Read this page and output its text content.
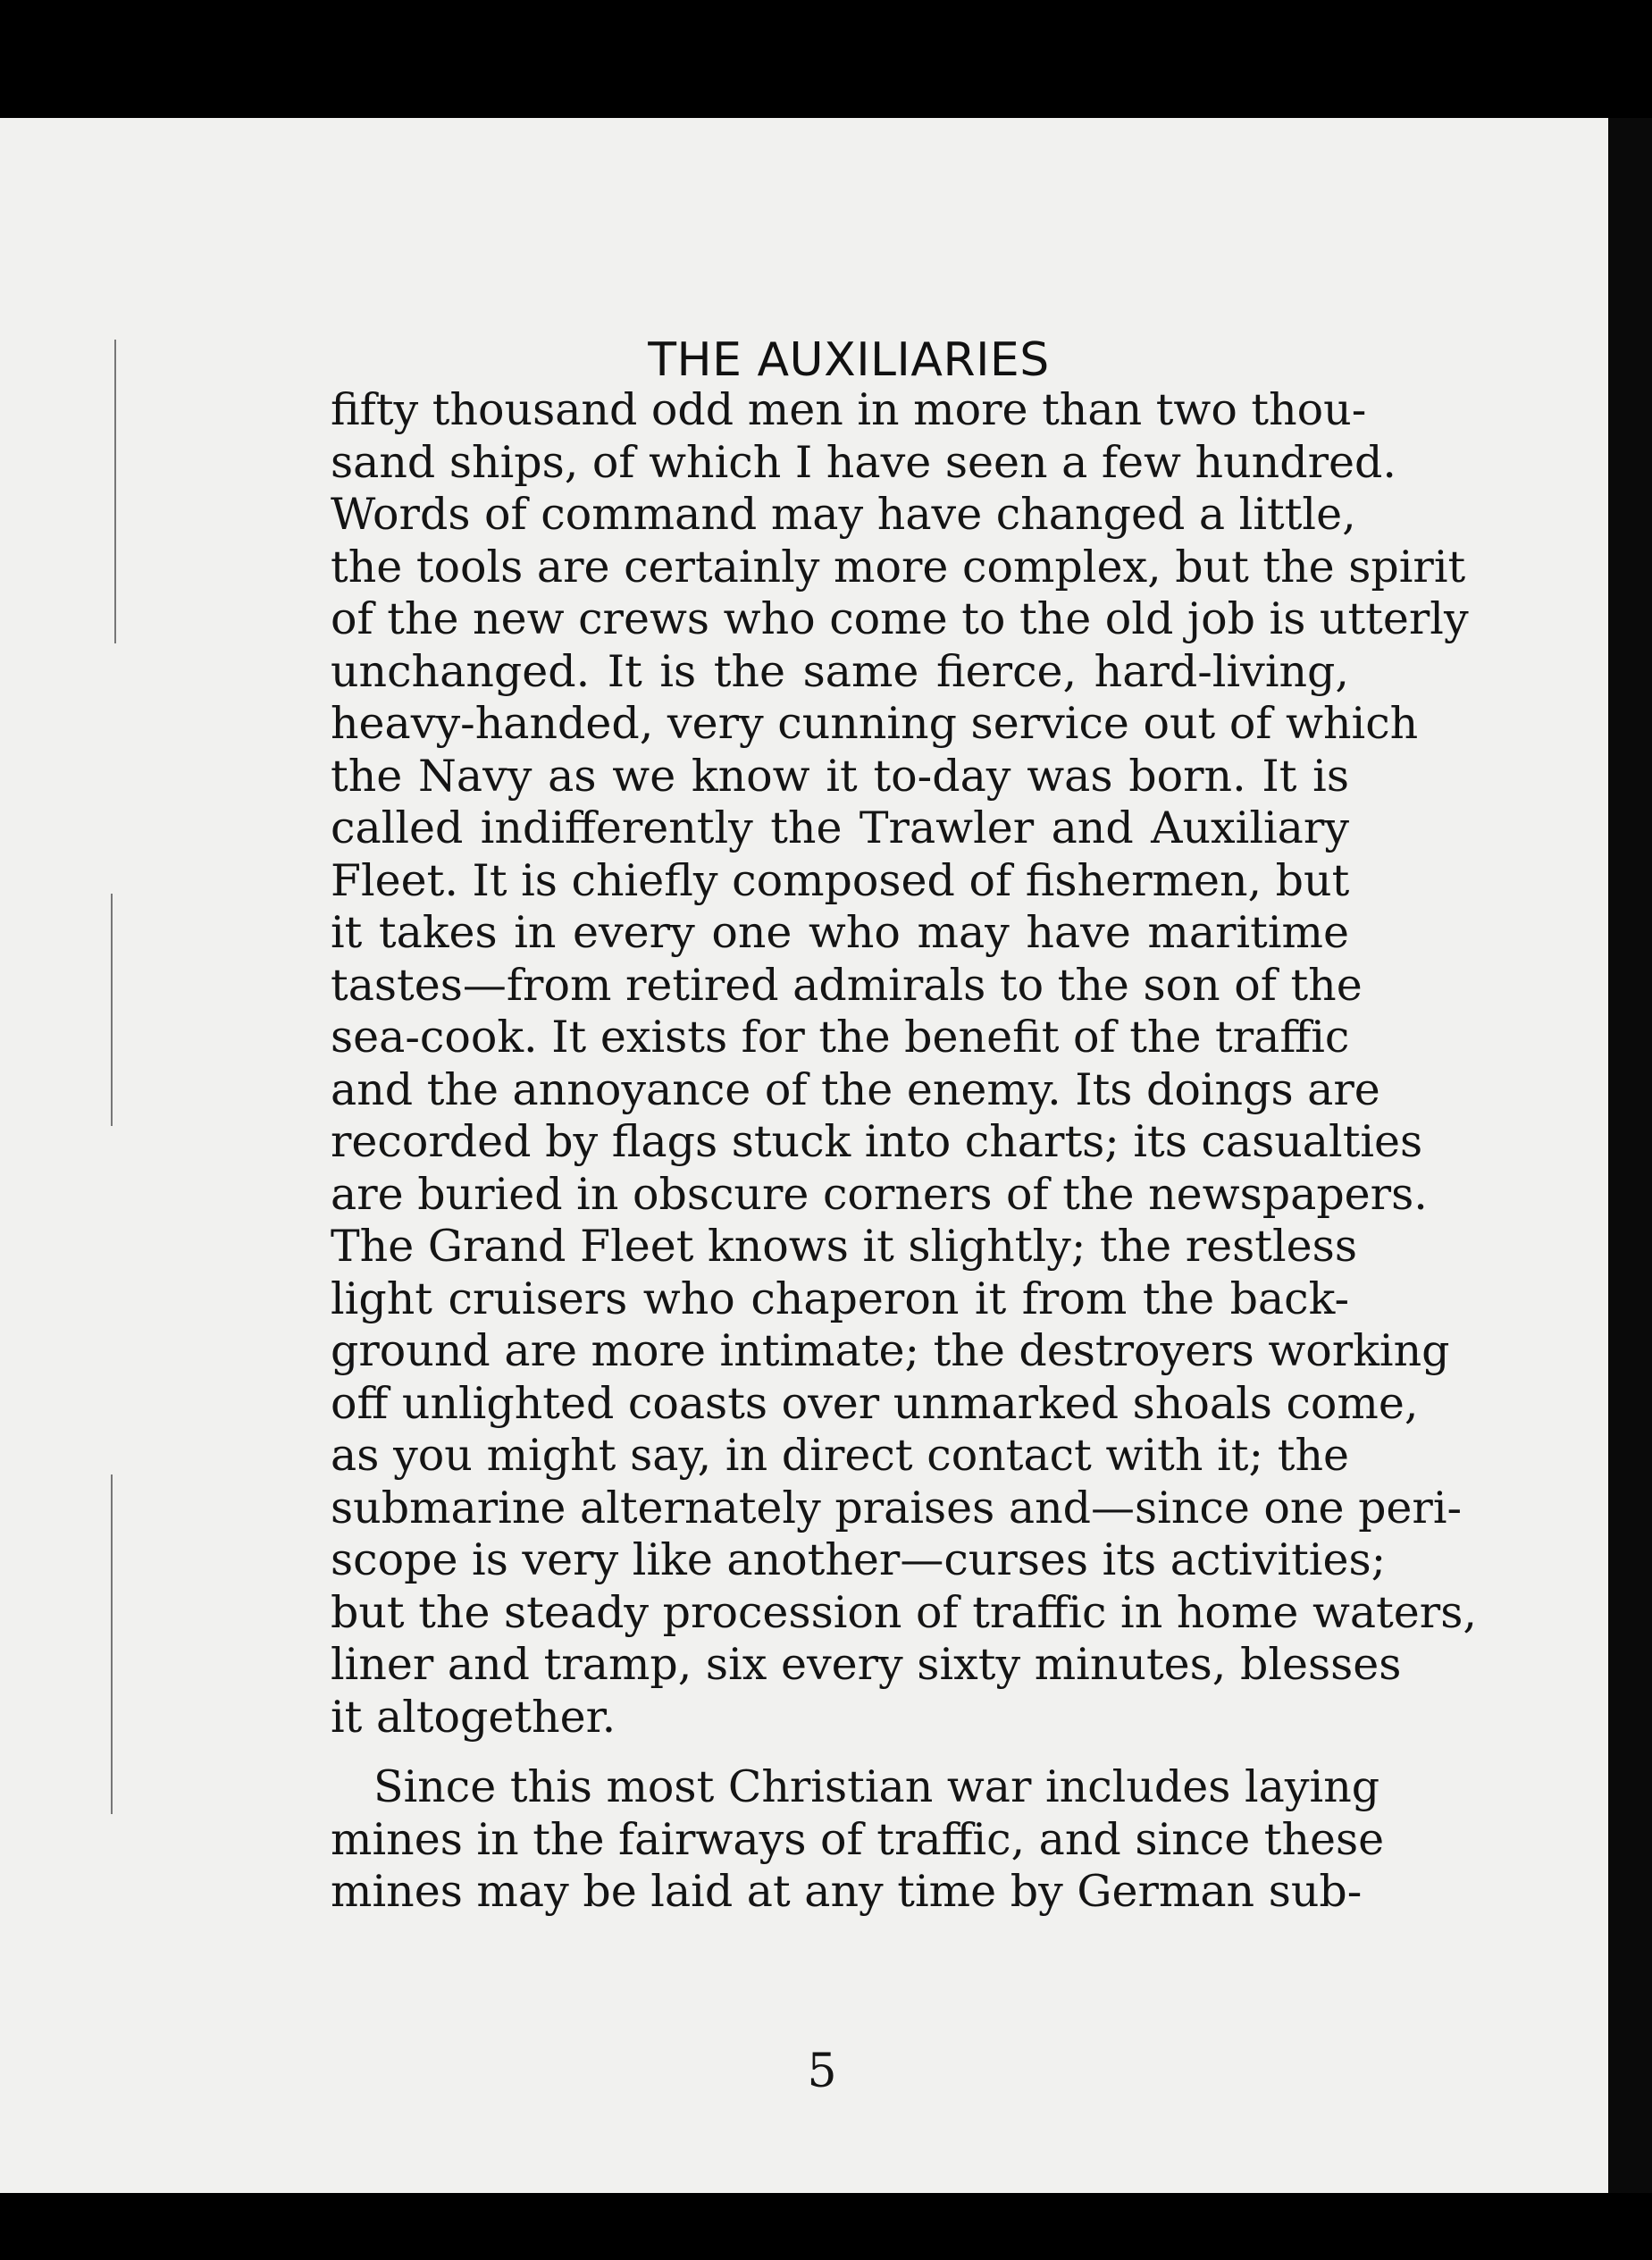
THE AUXILIARIES
fifty thousand odd men in more than two thou-
sand ships, of which I have seen a few hundred.
Words of command may have changed a little,
the tools are certainly more complex, but the spirit
of the new crews who come to the old job is utterly
unchanged. It is the same fierce, hard-living,
heavy-handed, very cunning service out of which
the Navy as we know it to-day was born. It is
called indifferently the Trawler and Auxiliary
Fleet. It is chiefly composed of fishermen, but
it takes in every one who may have maritime
tastes—from retired admirals to the son of the
sea-cook. It exists for the benefit of the traffic
and the annoyance of the enemy. Its doings are
recorded by flags stuck into charts; its casualties
are buried in obscure corners of the newspapers.
The Grand Fleet knows it slightly; the restless
light cruisers who chaperon it from the back-
ground are more intimate; the destroyers working
off unlighted coasts over unmarked shoals come,
as you might say, in direct contact with it; the
submarine alternately praises and—since one peri-
scope is very like another—curses its activities;
but the steady procession of traffic in home waters,
liner and tramp, six every sixty minutes, blesses
it altogether.
Since this most Christian war includes laying
mines in the fairways of traffic, and since these
mines may be laid at any time by German sub-
5
